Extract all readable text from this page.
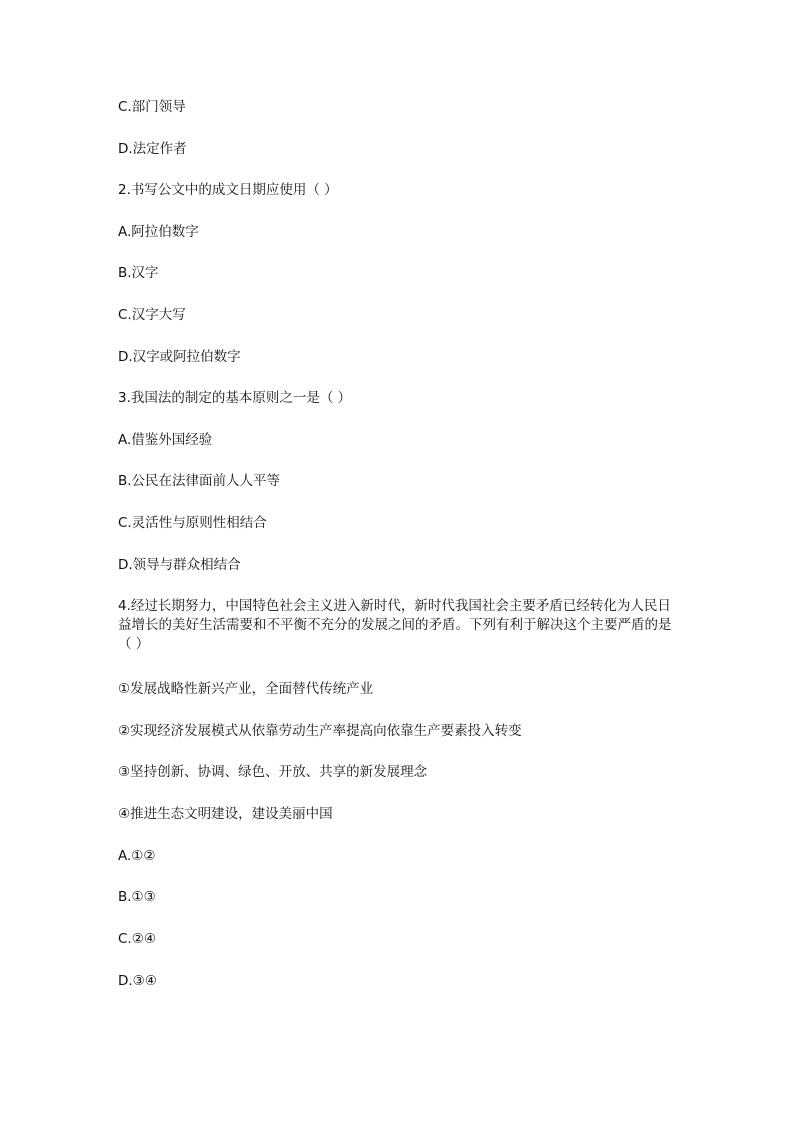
C.部门领导
D.法定作者
2.书写公文中的成文日期应使用（ ）
A.阿拉伯数字
B.汉字
C.汉字大写
D.汉字或阿拉伯数字
3.我国法的制定的基本原则之一是（ ）
A.借鉴外国经验
B.公民在法律面前人人平等
C.灵活性与原则性相结合
D.领导与群众相结合
4.经过长期努力，中国特色社会主义进入新时代，新时代我国社会主要矛盾已经转化为人民日益增长的美好生活需要和不平衡不充分的发展之间的矛盾。下列有利于解决这个主要严盾的是（ ）
①发展战略性新兴产业，全面替代传统产业
②实现经济发展模式从依靠劳动生产率提高向依靠生产要素投入转变
③坚持创新、协调、绿色、开放、共享的新发展理念
④推进生态文明建设，建设美丽中国
A.①②
B.①③
C.②④
D.③④
